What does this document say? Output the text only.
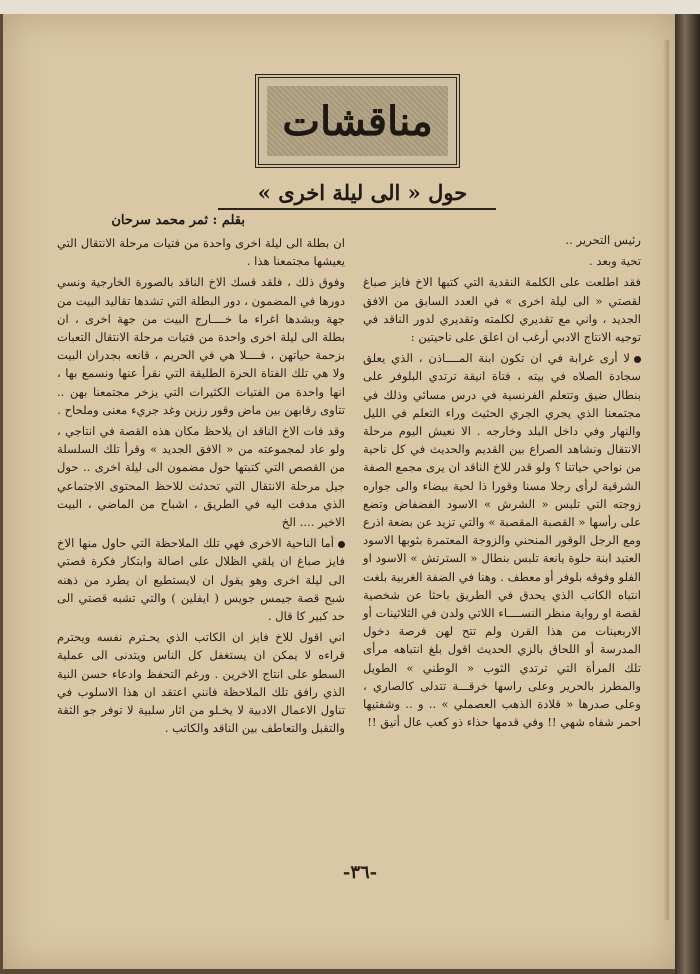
مناقشات
حول « الى ليلة اخرى »
بقلم : ثمر محمد سرحان

رئيس التحرير ..

تحية وبعد .

فقد اطلعت على الكلمة النقدية التي كتبها الاخ فايز صباغ لقصتي « الى ليلة اخرى » في العدد السابق من الافق الجديد ، واني مع تقديري لكلمته وتقديري لدور الناقد في توجيه الانتاج الادبي أرغب ان اعلق على ناحيتين :

لا أرى غرابة في ان تكون ابنة المــــاذن ، الذي يعلق سجادة الصلاه في بيته ، فتاة انيقة ترتدي البلوفر على بنطال ضيق وتتعلم الفرنسية في درس مسائي وذلك في مجتمعنا الذي يجري الجري الحثيث وراء التعلم في الليل والنهار وفي داخل البلد وخارجه . الا نعيش اليوم مرحلة الانتقال ونشاهد الصراع بين القديم والحديث في كل ناحية من نواحي حياتنا ؟ ولو قدر للاخ الناقد ان يرى مجمع الصفة الشرقية لرأى رجلا مسنا وقورا ذا لحية بيضاء والى جواره زوجته التي تلبس « الشرش » الاسود الفضفاض وتضع على رأسها « القصبة المقصبة » والتي تزيد عن بضعة اذرع ومع الرجل الوقور المنحني والزوجة المعتمرة بثوبها الاسود العتيد ابنة حلوة يانعة تلبس بنطال « السترتش » الاسود او الفلو وفوقه بلوفر أو معطف . وهنا في الضفة الغربية بلغت انتباه الكاتب الذي يحدق في الطريق باحثا عن شخصية لقصة او رواية منظر النســــاء اللاتي ولدن في الثلاثينات أو الاربعينات من هذا القرن ولم تتح لهن فرصة دخول المدرسة أو اللحاق بالزي الحديث اقول بلغ انتباهه مرأى تلك المرأة التي ترتدي الثوب « الوطني » الطويل والمطرز بالحرير وعلى راسها خرقـــة تتدلى كالصاري ، وعلى صدرها « قلادة الذهب العصملي » .. و .. وشفتيها احمر شفاه شهي !! وفي قدمها حذاء ذو كعب عال أنيق !!

ان بطلة الى ليلة اخرى واحدة من فتيات مرحلة الانتقال التي يعيشها مجتمعنا هذا .

وفوق ذلك ، فلقد قسك الاخ الناقد بالصورة الخارجية ونسي دورها في المضمون ، دور البطلة التي تشدها تقاليد البيت من جهة وبشدها اغراء ما خــــارج البيت من جهة اخرى ، ان بطلة الى ليلة اخرى واحدة من فتيات مرحلة الانتقال التعبات بزحمة حياتهن ، فــــلا هي في الحريم ، قانعه بجدران البيت ولا هي تلك الفتاة الحرة الطليقة التي نقرأ عنها ونسمع بها ، انها واحدة من الفتيات الكثيرات التي يزخر مجتمعنا بهن .. تتاوى رقابهن بين ماض وقور رزين وغد جريء معنى وملحاح .

وقد فات الاخ الناقد ان يلاحظ مكان هذه القصة في انتاجي ، ولو عاد لمجموعته من « الافق الجديد » وقرأ تلك السلسلة من القصص التي كتبتها حول مضمون الى ليلة اخرى .. حول جيل مرحلة الانتقال التي تحدثت للاحظ المحتوى الاجتماعي الذي مدفت اليه في الطريق ، اشباح من الماضي ، البيت الاخير .... الخ

أما الناحية الاخرى فهي تلك الملاحظة التي حاول منها الاخ فايز صباغ ان يلقي الظلال على اصالة وابتكار فكرة قصتي الى ليلة اخرى وهو يقول ان لايستطيع ان يطرد من ذهنه شبح قصة جيمس جويس ( ايفلين ) والتي تشبه قصتي الى حد كبير كا قال .

اني اقول للاخ فايز ان الكاتب الذي يحـترم نفسه ويحترم قراءه لا يمكن ان يستغفل كل الناس ويتدنى الى عملية السطو على انتاج الاخرين . ورغم التحفظ وادعاء حسن النية الذي رافق تلك الملاحظة فانني اعتقد ان هذا الاسلوب في تناول الاعمال الادبية لا يخـلو من اثار سلبية لا توفر جو الثقة والتقبل والتعاطف بين الناقد والكاتب .

-٣٦-
